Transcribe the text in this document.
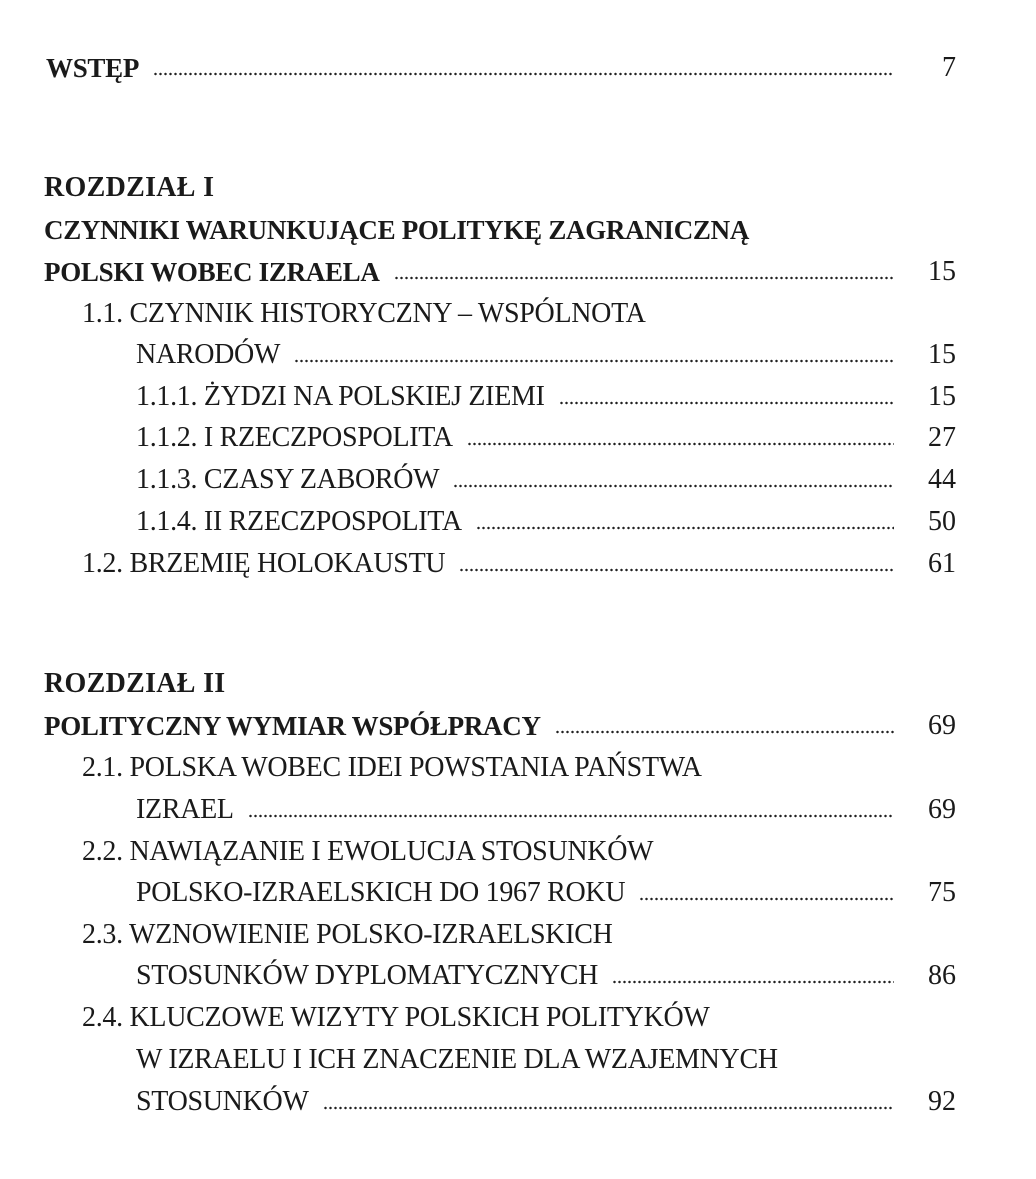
WSTĘP	7
ROZDZIAŁ I
CZYNNIKI WARUNKUJĄCE POLITYKĘ ZAGRANICZNĄ
POLSKI WOBEC IZRAELA	15
1.1. CZYNNIK HISTORYCZNY – WSPÓLNOTA
NARODÓW	15
1.1.1. ŻYDZI NA POLSKIEJ ZIEMI	15
1.1.2. I RZECZPOSPOLITA	27
1.1.3. CZASY ZABORÓW	44
1.1.4. II RZECZPOSPOLITA	50
1.2. BRZEMIĘ HOLOKAUSTU	61
ROZDZIAŁ II
POLITYCZNY WYMIAR WSPÓŁPRACY	69
2.1. POLSKA WOBEC IDEI POWSTANIA PAŃSTWA
IZRAEL	69
2.2. NAWIĄZANIE I EWOLUCJA STOSUNKÓW
POLSKO-IZRAELSKICH DO 1967 ROKU	75
2.3. WZNOWIENIE POLSKO-IZRAELSKICH
STOSUNKÓW DYPLOMATYCZNYCH	86
2.4. KLUCZOWE WIZYTY POLSKICH POLITYKÓW
W IZRAELU I ICH ZNACZENIE DLA WZAJEMNYCH
STOSUNKÓW	92
